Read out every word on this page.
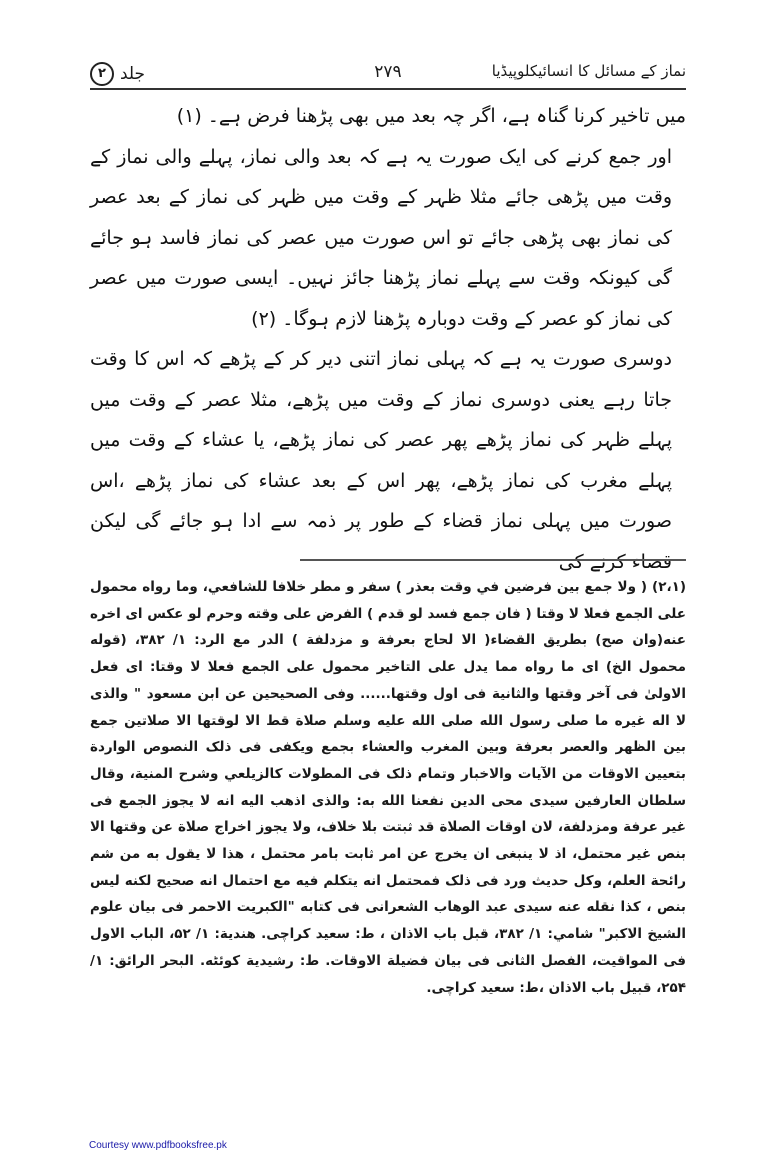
جلد
۲	۲۷۹	نماز کے مسائل کا انسائیکلوپیڈیا

میں تاخیر کرنا گناہ ہے، اگر چہ بعد میں بھی پڑھنا فرض ہے۔ (۱)

اور جمع کرنے کی ایک صورت یہ ہے کہ بعد والی نماز، پہلے والی نماز کے وقت میں پڑھی جائے مثلا ظہر کے وقت میں ظہر کی نماز کے بعد عصر کی نماز بھی پڑھی جائے تو اس صورت میں عصر کی نماز فاسد ہو جائے گی کیونکہ وقت سے پہلے نماز پڑھنا جائز نہیں۔ ایسی صورت میں عصر کی نماز کو عصر کے وقت دوبارہ پڑھنا لازم ہوگا۔ (۲)

دوسری صورت یہ ہے کہ پہلی نماز اتنی دیر کر کے پڑھے کہ اس کا وقت جاتا رہے یعنی دوسری نماز کے وقت میں پڑھے، مثلا عصر کے وقت میں پہلے ظہر کی نماز پڑھے پھر عصر کی نماز پڑھے، یا عشاء کے وقت میں پہلے مغرب کی نماز پڑھے، پھر اس کے بعد عشاء کی نماز پڑھے ،اس صورت میں پہلی نماز قضاء کے طور پر ذمہ سے ادا ہو جائے گی لیکن قضاء کرنے کی

(۲،۱) ( ولا جمع بين فرضين في وقت بعذر ) سفر و مطر خلافا للشافعي، وما رواه محمول على الجمع فعلا لا وقتا ( فان جمع فسد لو قدم ) الفرض على وقته وحرم لو عكس اى اخره عنه(وان صح) بطريق القضاء( الا لحاج بعرفة و مزدلفة ) الدر مع الرد: ۱/ ۳۸۲، (قوله محمول الخ) اى ما رواه مما يدل على التاخير محمول على الجمع فعلا لا وقتا: اى فعل الاولىٰ فى آخر وقتها والثانية فى اول وقتها...... وفى الصحيحين عن ابن مسعود " والذى لا اله غيره ما صلى رسول الله صلى الله عليه وسلم صلاة قط الا لوقتها الا صلاتين جمع بين الظهر والعصر بعرفة وبين المغرب والعشاء بجمع ويكفى فى ذلک النصوص الواردة بتعيين الاوقات من الآيات والاخبار وتمام ذلک فى المطولات كالزيلعي وشرح المنية، وقال سلطان العارفين سيدى محى الدين نفعنا الله به: والذى اذهب اليه انه لا يجوز الجمع فى غير عرفة ومزدلفة، لان اوقات الصلاة قد ثبتت بلا خلاف، ولا يجوز اخراج صلاة عن وقتها الا بنص غير محتمل، اذ لا ينبغى ان يخرج عن امر ثابت بامر محتمل ، هذا لا يقول به من شم رائحة العلم، وكل حديث ورد فى ذلک فمحتمل انه يتكلم فيه مع احتمال انه صحيح لكنه ليس بنص ، كذا نقله عنه سيدى عبد الوهاب الشعرانى فى كتابه "الكبريت الاحمر فى بيان علوم الشيخ الاكبر" شامي: ۱/ ۳۸۲، قبل باب الاذان ، ط: سعيد كراچى. هندية: ۱/ ۵۲، الباب الاول فى المواقيت، الفصل الثانى فى بيان فضيلة الاوقات. ط: رشيدية كوئٹه. البحر الرائق: ۱/ ۲۵۴، قبيل باب الاذان ،ط: سعيد كراچى.

Courtesy www.pdfbooksfree.pk
